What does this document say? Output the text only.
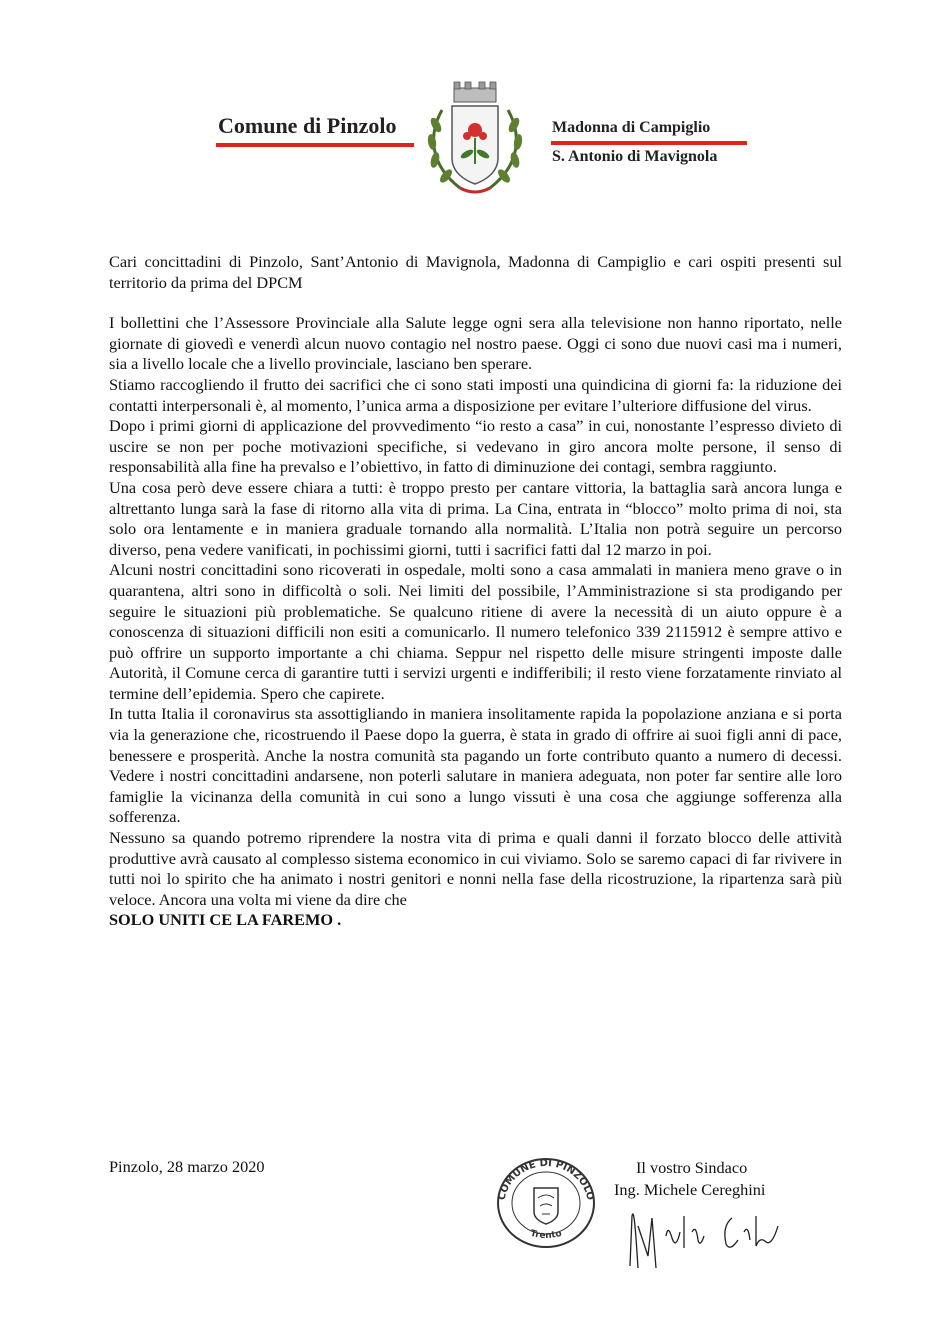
Comune di Pinzolo	Madonna di Campiglio
S. Antonio di Mavignola

Cari concittadini di Pinzolo, Sant’Antonio di Mavignola, Madonna di Campiglio e cari ospiti presenti sul territorio da prima del DPCM

I bollettini che l’Assessore Provinciale alla Salute legge ogni sera alla televisione non hanno riportato, nelle giornate di giovedì e venerdì alcun nuovo contagio nel nostro paese. Oggi ci sono due nuovi casi ma i numeri, sia a livello locale che a livello provinciale, lasciano ben sperare.

Stiamo raccogliendo il frutto dei sacrifici che ci sono stati imposti una quindicina di giorni fa: la riduzione dei contatti interpersonali è, al momento, l’unica arma a disposizione per evitare l’ulteriore diffusione del virus.

Dopo i primi giorni di applicazione del provvedimento “io resto a casa” in cui, nonostante l’espresso divieto di uscire se non per poche motivazioni specifiche, si vedevano in giro ancora molte persone, il senso di responsabilità alla fine ha prevalso e l’obiettivo, in fatto di diminuzione dei contagi, sembra raggiunto.

Una cosa però deve essere chiara a tutti: è troppo presto per cantare vittoria, la battaglia sarà ancora lunga e altrettanto lunga sarà la fase di ritorno alla vita di prima. La Cina, entrata in “blocco” molto prima di noi, sta solo ora lentamente e in maniera graduale tornando alla normalità. L’Italia non potrà seguire un percorso diverso, pena vedere vanificati, in pochissimi giorni, tutti i sacrifici fatti dal 12 marzo in poi.

Alcuni nostri concittadini sono ricoverati in ospedale, molti sono a casa ammalati in maniera meno grave o in quarantena, altri sono in difficoltà o soli. Nei limiti del possibile, l’Amministrazione si sta prodigando per seguire le situazioni più problematiche. Se qualcuno ritiene di avere la necessità di un aiuto oppure è a conoscenza di situazioni difficili non esiti a comunicarlo. Il numero telefonico 339 2115912 è sempre attivo e può offrire un supporto importante a chi chiama. Seppur nel rispetto delle misure stringenti imposte dalle Autorità, il Comune cerca di garantire tutti i servizi urgenti e indifferibili; il resto viene forzatamente rinviato al termine dell’epidemia. Spero che capirete.

In tutta Italia il coronavirus sta assottigliando in maniera insolitamente rapida la popolazione anziana e si porta via la generazione che, ricostruendo il Paese dopo la guerra, è stata in grado di offrire ai suoi figli anni di pace, benessere e prosperità. Anche la nostra comunità sta pagando un forte contributo quanto a numero di decessi. Vedere i nostri concittadini andarsene, non poterli salutare in maniera adeguata, non poter far sentire alle loro famiglie la vicinanza della comunità in cui sono a lungo vissuti è una cosa che aggiunge sofferenza alla sofferenza.

Nessuno sa quando potremo riprendere la nostra vita di prima e quali danni il forzato blocco delle attività produttive avrà causato al complesso sistema economico in cui viviamo. Solo se saremo capaci di far rivivere in tutti noi lo spirito che ha animato i nostri genitori e nonni nella fase della ricostruzione, la ripartenza sarà più veloce. Ancora una volta mi viene da dire che

SOLO UNITI CE LA FAREMO .

Pinzolo, 28 marzo 2020
COMUNE DI PINZOLO
Trento
Il vostro Sindaco
Ing. Michele Cereghini
